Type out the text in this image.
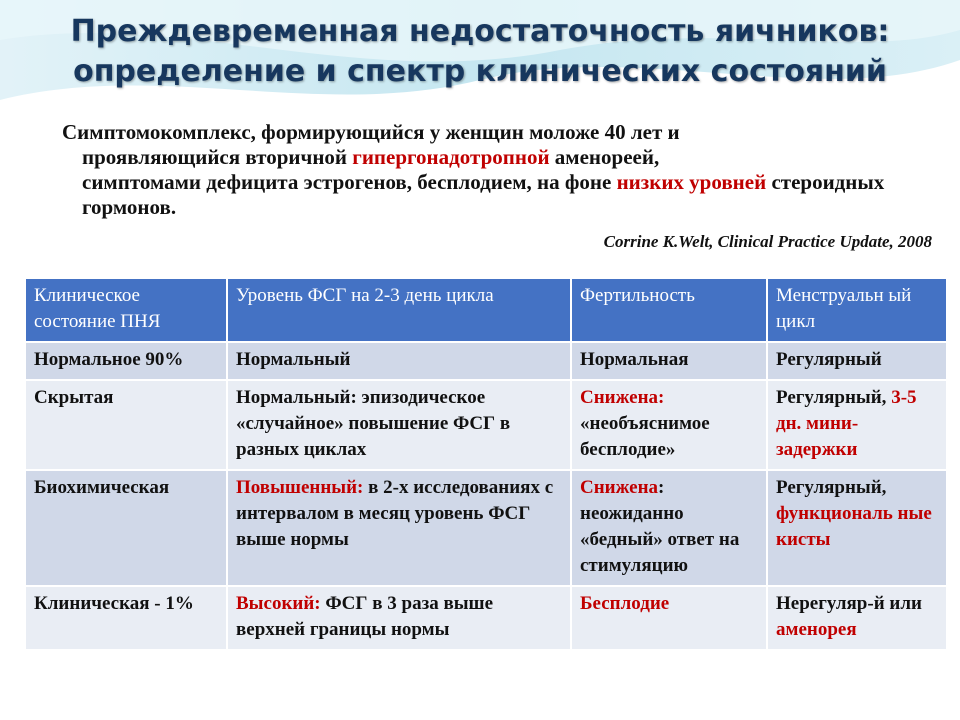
Преждевременная недостаточность яичников:
определение и спектр клинических состояний
Симптомокомплекс, формирующийся у женщин моложе 40 лет и
проявляющийся вторичной гипергонадотропной аменореей,
симптомами дефицита эстрогенов, бесплодием, на фоне низких уровней стероидных гормонов.
Corrine K.Welt, Clinical Practice Update, 2008
Клиническое состояние ПНЯ	Уровень ФСГ на 2-3 день цикла	Фертильность	Менструальн ый цикл
Нормальное 90%	Нормальный	Нормальная	Регулярный
Скрытая	Нормальный: эпизодическое «случайное» повышение ФСГ в разных циклах	Снижена: «необъяснимое бесплодие»	Регулярный, 3-5 дн. мини-задержки
Биохимическая	Повышенный: в 2-х исследованиях с интервалом в месяц уровень ФСГ выше нормы	Снижена: неожиданно «бедный» ответ на стимуляцию	Регулярный, функциональ ные кисты
Клиническая - 1%	Высокий: ФСГ в 3 раза выше верхней границы нормы	Бесплодие	Нерегуляр-й или аменорея
